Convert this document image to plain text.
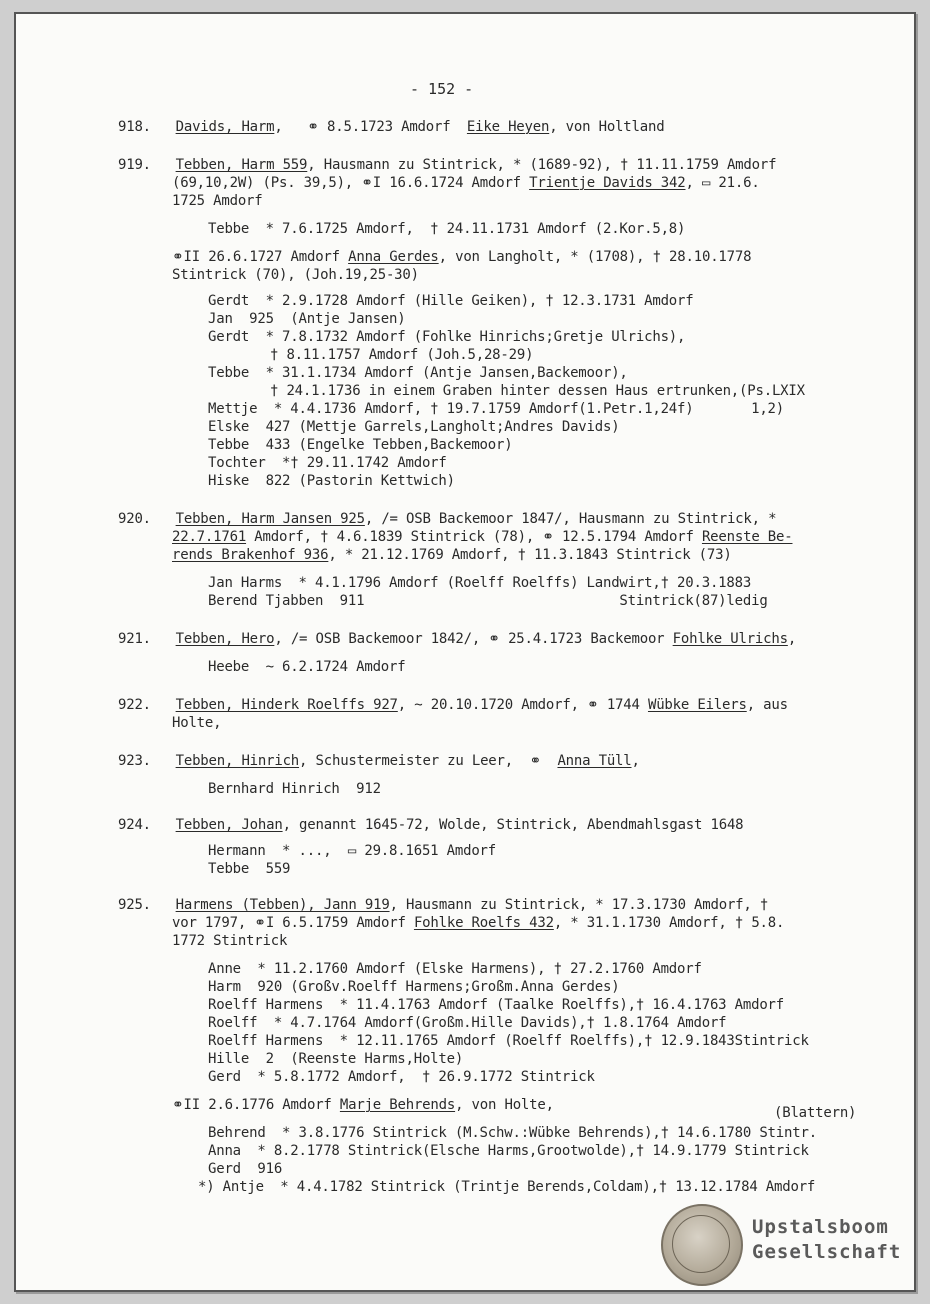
- 152 -
918.   Davids, Harm,   ⚭ 8.5.1723 Amdorf  Eike Heyen, von Holtland
919.   Tebben, Harm 559, Hausmann zu Stintrick, * (1689-92), † 11.11.1759 Amdorf
(69,10,2W) (Ps. 39,5), ⚭I 16.6.1724 Amdorf Trientje Davids 342, ▭ 21.6.
1725 Amdorf
Tebbe  * 7.6.1725 Amdorf,  † 24.11.1731 Amdorf (2.Kor.5,8)
⚭II 26.6.1727 Amdorf Anna Gerdes, von Langholt, * (1708), † 28.10.1778
Stintrick (70), (Joh.19,25-30)
Gerdt  * 2.9.1728 Amdorf (Hille Geiken), † 12.3.1731 Amdorf
Jan  925  (Antje Jansen)
Gerdt  * 7.8.1732 Amdorf (Fohlke Hinrichs;Gretje Ulrichs),
† 8.11.1757 Amdorf (Joh.5,28-29)
Tebbe  * 31.1.1734 Amdorf (Antje Jansen,Backemoor),
† 24.1.1736 in einem Graben hinter dessen Haus ertrunken,(Ps.LXIX
Mettje  * 4.4.1736 Amdorf, † 19.7.1759 Amdorf(1.Petr.1,24f)       1,2)
Elske  427 (Mettje Garrels,Langholt;Andres Davids)
Tebbe  433 (Engelke Tebben,Backemoor)
Tochter  *† 29.11.1742 Amdorf
Hiske  822 (Pastorin Kettwich)
920.   Tebben, Harm Jansen 925, /= OSB Backemoor 1847/, Hausmann zu Stintrick, *
22.7.1761 Amdorf, † 4.6.1839 Stintrick (78), ⚭ 12.5.1794 Amdorf Reenste Be-
rends Brakenhof 936, * 21.12.1769 Amdorf, † 11.3.1843 Stintrick (73)
Jan Harms  * 4.1.1796 Amdorf (Roelff Roelffs) Landwirt,† 20.3.1883
Berend Tjabben  911                               Stintrick(87)ledig
921.   Tebben, Hero, /= OSB Backemoor 1842/, ⚭ 25.4.1723 Backemoor Fohlke Ulrichs,
Heebe  ~ 6.2.1724 Amdorf
922.   Tebben, Hinderk Roelffs 927, ~ 20.10.1720 Amdorf, ⚭ 1744 Wübke Eilers, aus
Holte,
923.   Tebben, Hinrich, Schustermeister zu Leer,  ⚭  Anna Tüll,
Bernhard Hinrich  912
924.   Tebben, Johan, genannt 1645-72, Wolde, Stintrick, Abendmahlsgast 1648
Hermann  * ...,  ▭ 29.8.1651 Amdorf
Tebbe  559
925.   Harmens (Tebben), Jann 919, Hausmann zu Stintrick, * 17.3.1730 Amdorf, †
vor 1797, ⚭I 6.5.1759 Amdorf Fohlke Roelfs 432, * 31.1.1730 Amdorf, † 5.8.
1772 Stintrick
Anne  * 11.2.1760 Amdorf (Elske Harmens), † 27.2.1760 Amdorf
Harm  920 (Großv.Roelff Harmens;Großm.Anna Gerdes)
Roelff Harmens  * 11.4.1763 Amdorf (Taalke Roelffs),† 16.4.1763 Amdorf
Roelff  * 4.7.1764 Amdorf(Großm.Hille Davids),† 1.8.1764 Amdorf
Roelff Harmens  * 12.11.1765 Amdorf (Roelff Roelffs),† 12.9.1843Stintrick
Hille  2  (Reenste Harms,Holte)
Gerd  * 5.8.1772 Amdorf,  † 26.9.1772 Stintrick
⚭II 2.6.1776 Amdorf Marje Behrends, von Holte,	(Blattern)
Behrend  * 3.8.1776 Stintrick (M.Schw.:Wübke Behrends),† 14.6.1780 Stintr.
Anna  * 8.2.1778 Stintrick(Elsche Harms,Grootwolde),† 14.9.1779 Stintrick
Gerd  916
*) Antje  * 4.4.1782 Stintrick (Trintje Berends,Coldam),† 13.12.1784 Amdorf
Upstalsboom
Gesellschaft
